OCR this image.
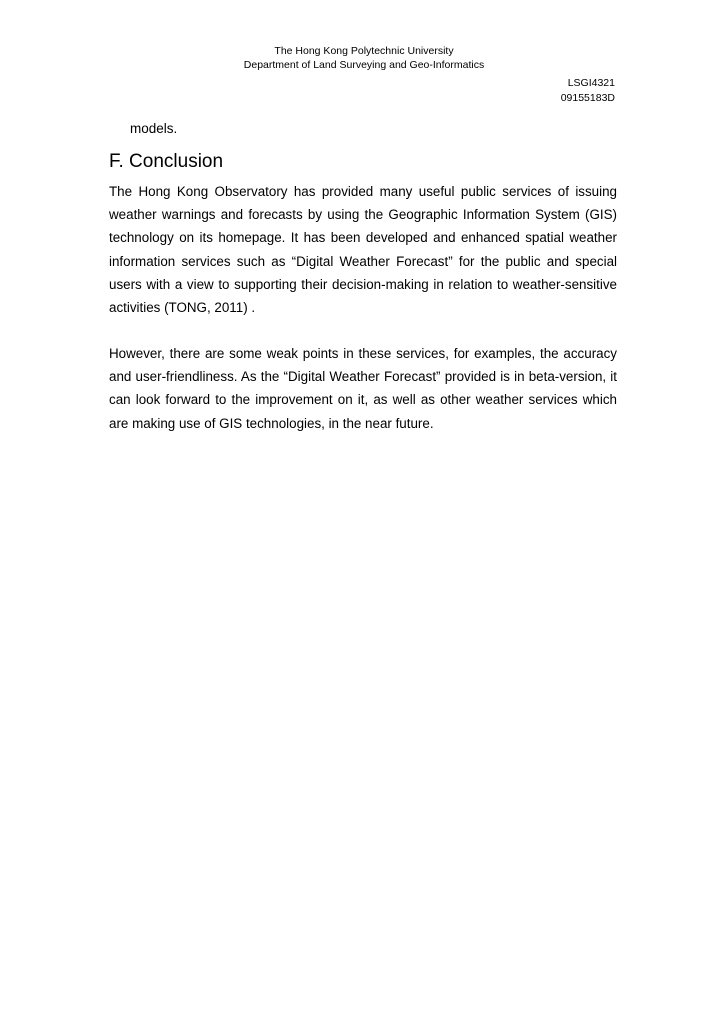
The Hong Kong Polytechnic University
Department of Land Surveying and Geo-Informatics
LSGI4321
09155183D
models.
F. Conclusion

The Hong Kong Observatory has provided many useful public services of issuing weather warnings and forecasts by using the Geographic Information System (GIS) technology on its homepage. It has been developed and enhanced spatial weather information services such as “Digital Weather Forecast” for the public and special users with a view to supporting their decision-making in relation to weather-sensitive activities (TONG, 2011) .

However, there are some weak points in these services, for examples, the accuracy and user-friendliness. As the “Digital Weather Forecast” provided is in beta-version, it can look forward to the improvement on it, as well as other weather services which are making use of GIS technologies, in the near future.
